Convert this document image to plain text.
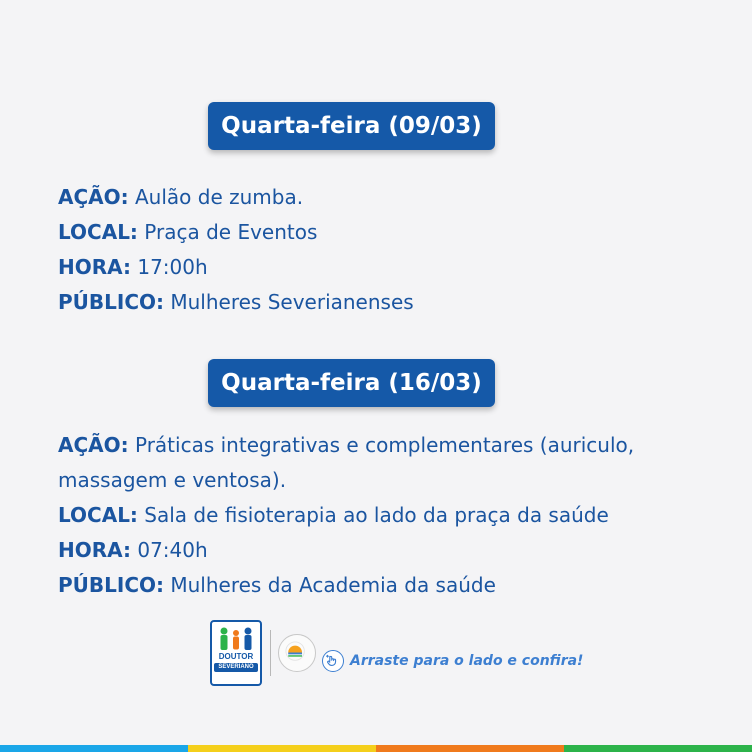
Quarta-feira (09/03)

AÇÃO: Aulão de zumba.
LOCAL: Praça de Eventos
HORA: 17:00h
PÚBLICO: Mulheres Severianenses

Quarta-feira (16/03)

AÇÃO: Práticas integrativas e complementares (auriculo, massagem e ventosa).
LOCAL: Sala de fisioterapia ao lado da praça da saúde
HORA: 07:40h
PÚBLICO: Mulheres da Academia da saúde

DOUTOR
SEVERIANO	Arraste para o lado e confira!
